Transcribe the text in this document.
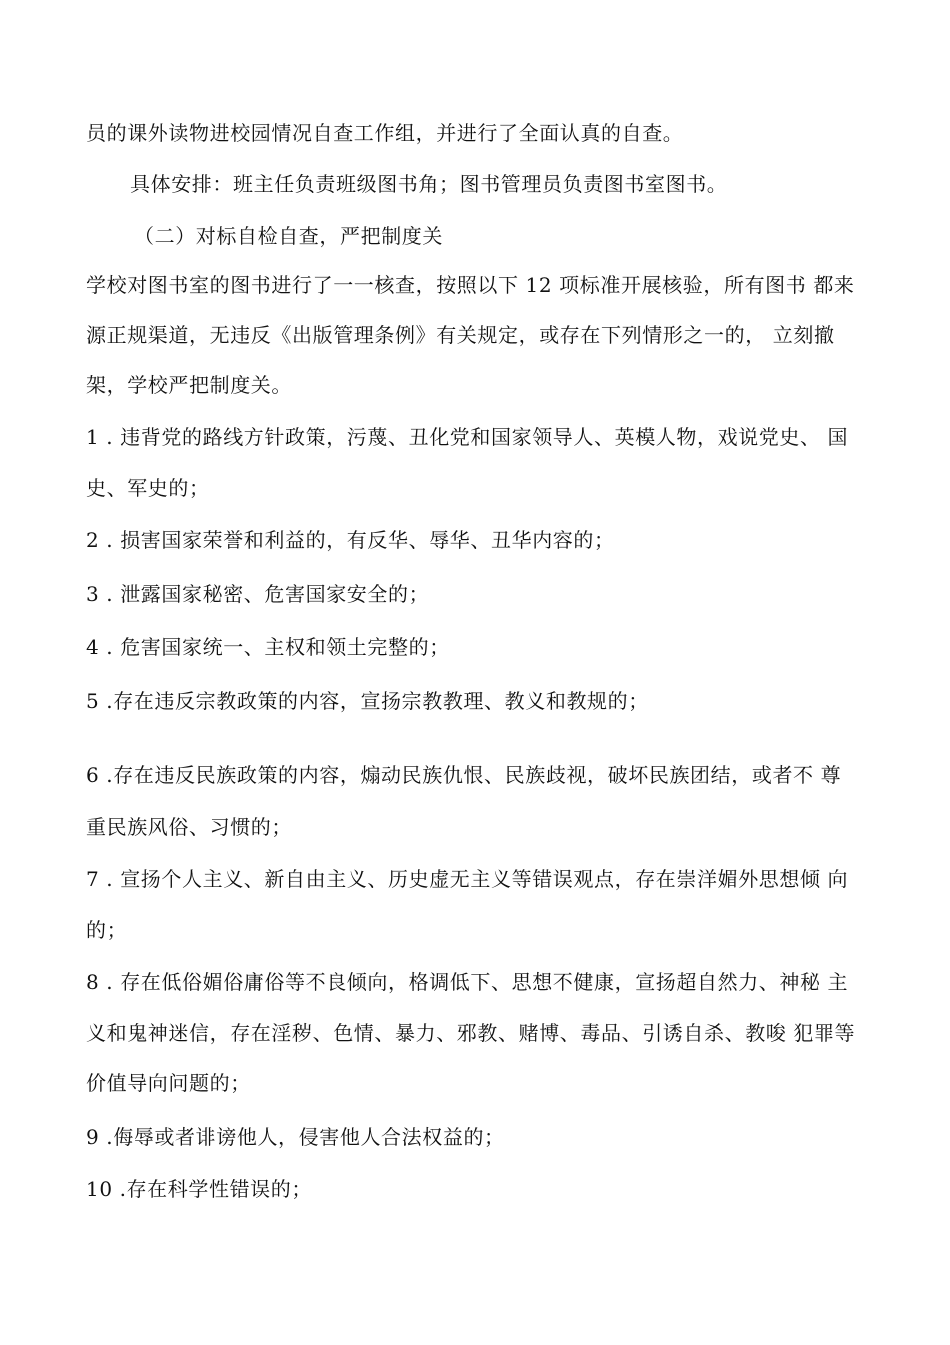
员的课外读物进校园情况自查工作组，并进行了全面认真的自查。
具体安排：班主任负责班级图书角；图书管理员负责图书室图书。
（二）对标自检自查，严把制度关
学校对图书室的图书进行了一一核查，按照以下 12 项标准开展核验，所有图书 都来
源正规渠道，无违反《出版管理条例》有关规定，或存在下列情形之一的， 立刻撤
架，学校严把制度关。
1 . 违背党的路线方针政策，污蔑、丑化党和国家领导人、英模人物，戏说党史、 国
史、军史的；
2 . 损害国家荣誉和利益的，有反华、辱华、丑华内容的；
3 . 泄露国家秘密、危害国家安全的；
4 . 危害国家统一、主权和领土完整的；
5 .存在违反宗教政策的内容，宣扬宗教教理、教义和教规的；
6 .存在违反民族政策的内容，煽动民族仇恨、民族歧视，破坏民族团结，或者不 尊
重民族风俗、习惯的；
7 . 宣扬个人主义、新自由主义、历史虚无主义等错误观点，存在崇洋媚外思想倾 向
的；
8 . 存在低俗媚俗庸俗等不良倾向，格调低下、思想不健康，宣扬超自然力、神秘 主
义和鬼神迷信，存在淫秽、色情、暴力、邪教、赌博、毒品、引诱自杀、教唆 犯罪等
价值导向问题的；
9 .侮辱或者诽谤他人，侵害他人合法权益的；
10 .存在科学性错误的；
